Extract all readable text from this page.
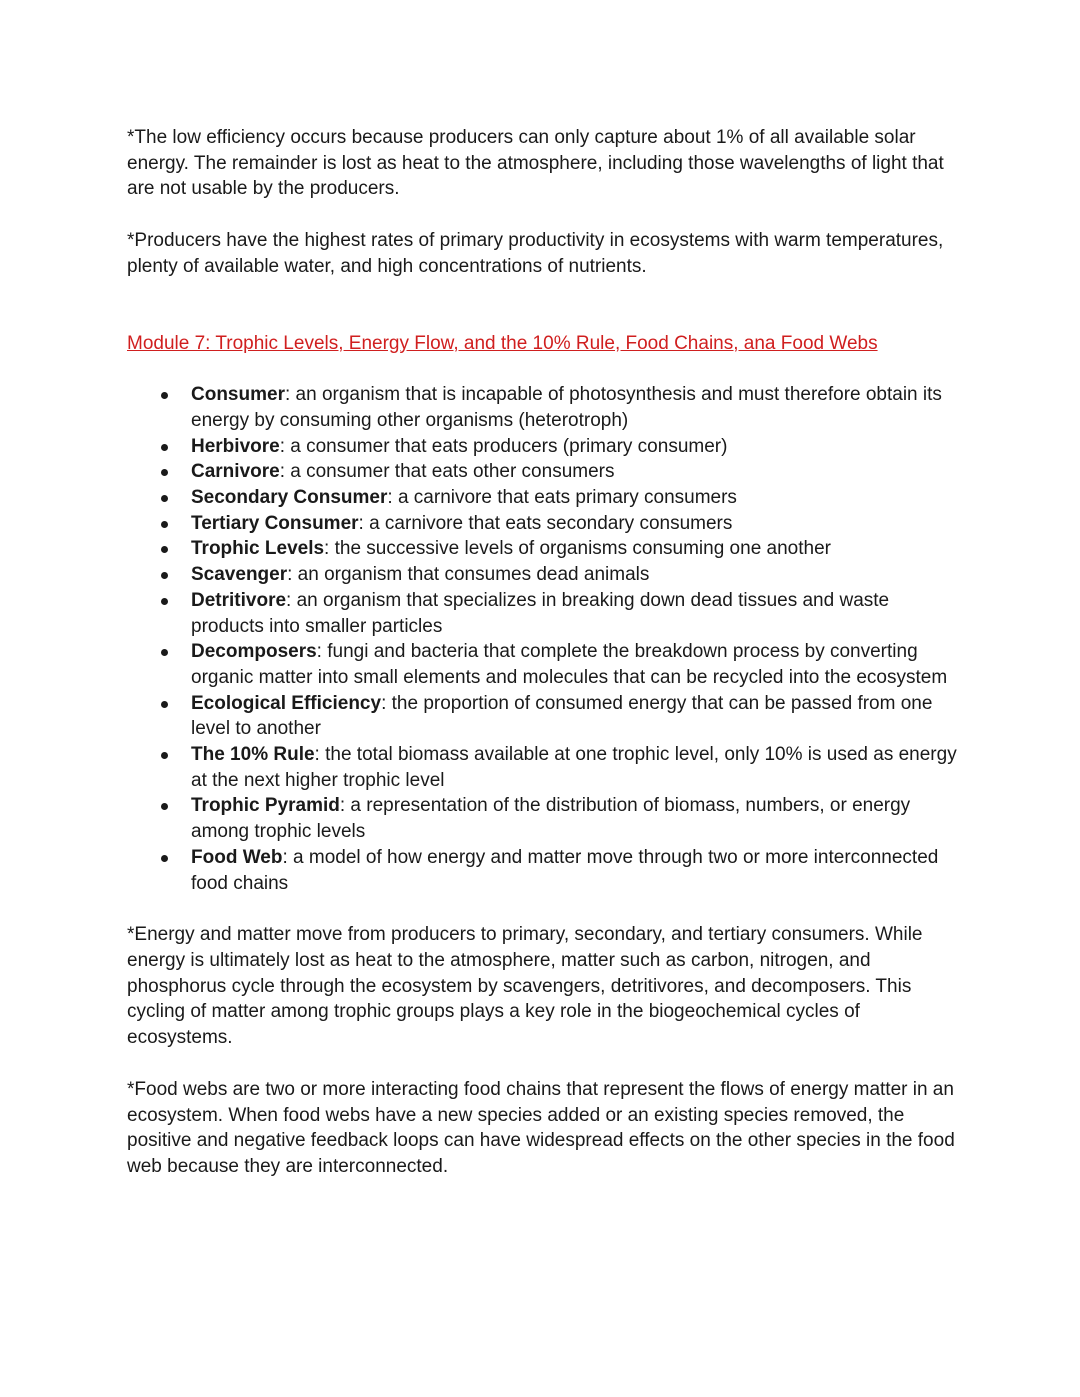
*The low efficiency occurs because producers can only capture about 1% of all available solar energy. The remainder is lost as heat to the atmosphere, including those wavelengths of light that are not usable by the producers.

*Producers have the highest rates of primary productivity in ecosystems with warm temperatures, plenty of available water, and high concentrations of nutrients.

Module 7: Trophic Levels, Energy Flow, and the 10% Rule, Food Chains, ana Food Webs
Consumer: an organism that is incapable of photosynthesis and must therefore obtain its energy by consuming other organisms (heterotroph)
Herbivore: a consumer that eats producers (primary consumer)
Carnivore: a consumer that eats other consumers
Secondary Consumer: a carnivore that eats primary consumers
Tertiary Consumer: a carnivore that eats secondary consumers
Trophic Levels: the successive levels of organisms consuming one another
Scavenger: an organism that consumes dead animals
Detritivore: an organism that specializes in breaking down dead tissues and waste products into smaller particles
Decomposers: fungi and bacteria that complete the breakdown process by converting organic matter into small elements and molecules that can be recycled into the ecosystem
Ecological Efficiency: the proportion of consumed energy that can be passed from one level to another
The 10% Rule: the total biomass available at one trophic level, only 10% is used as energy at the next higher trophic level
Trophic Pyramid: a representation of the distribution of biomass, numbers, or energy among trophic levels
Food Web: a model of how energy and matter move through two or more interconnected food chains

*Energy and matter move from producers to primary, secondary, and tertiary consumers. While energy is ultimately lost as heat to the atmosphere, matter such as carbon, nitrogen, and phosphorus cycle through the ecosystem by scavengers, detritivores, and decomposers. This cycling of matter among trophic groups plays a key role in the biogeochemical cycles of ecosystems.

*Food webs are two or more interacting food chains that represent the flows of energy matter in an ecosystem. When food webs have a new species added or an existing species removed, the positive and negative feedback loops can have widespread effects on the other species in the food web because they are interconnected.
